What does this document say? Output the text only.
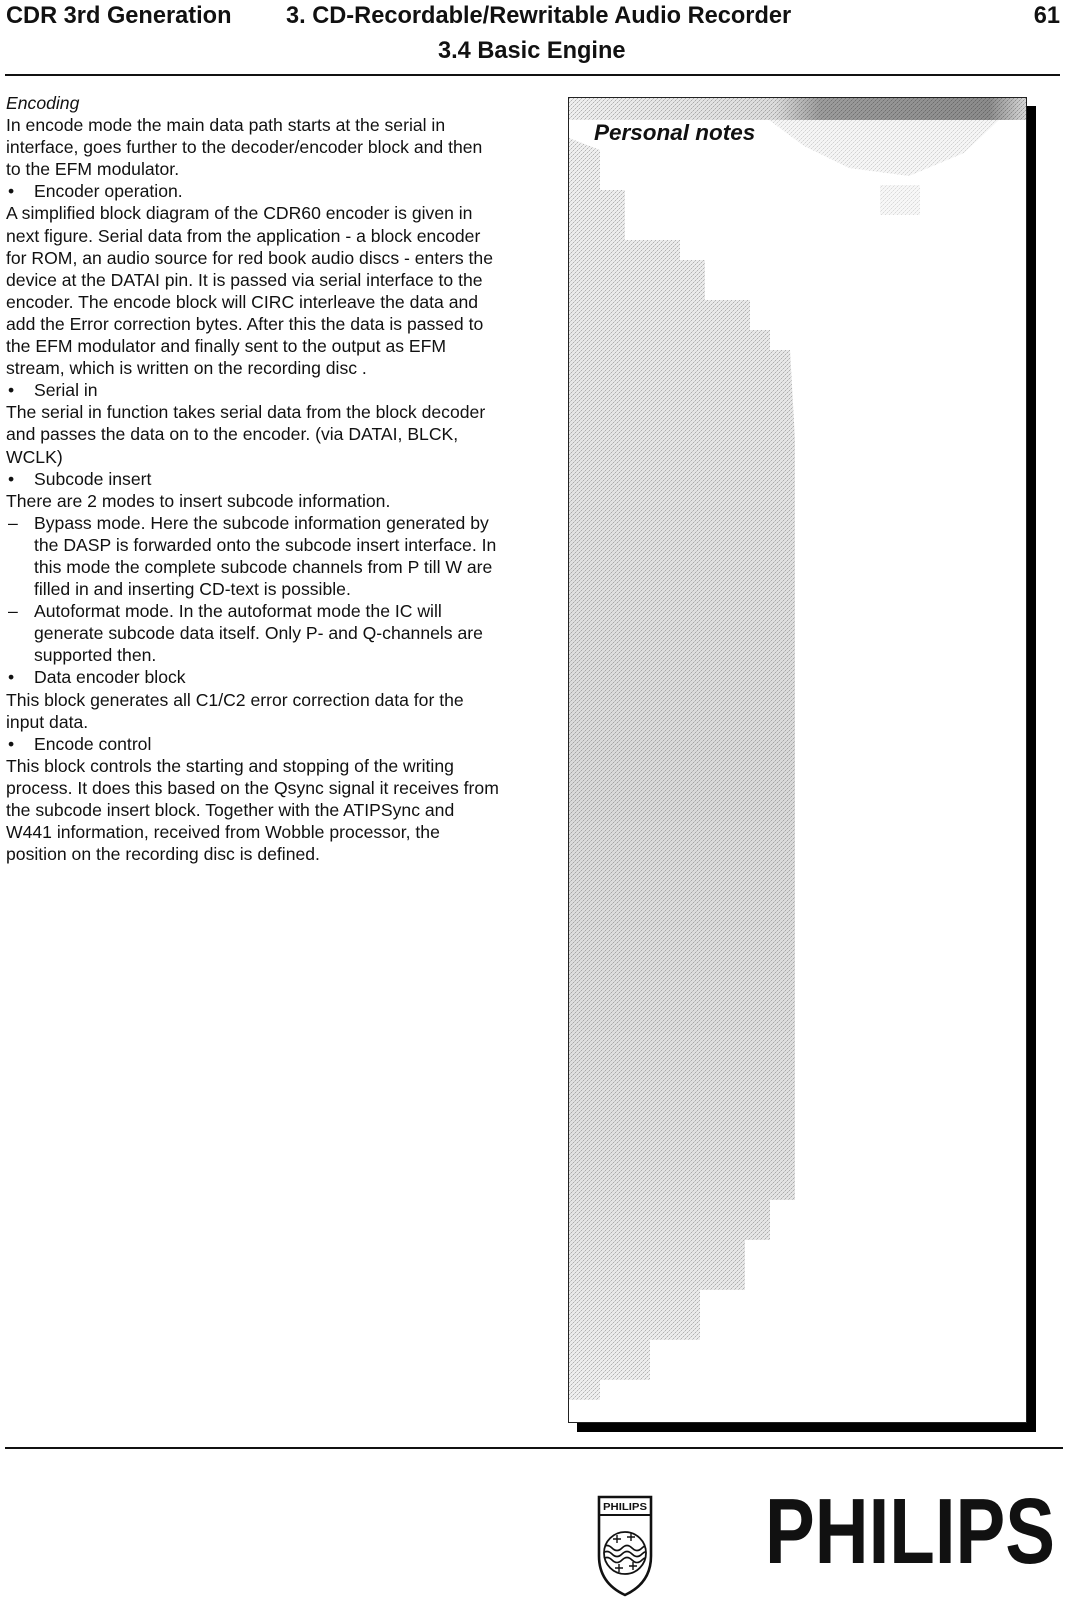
CDR 3rd Generation 3. CD-Recordable/Rewritable Audio Recorder	61
3.4 Basic Engine
Encoding
In encode mode the main data path starts at the serial in
interface, goes further to the decoder/encoder block and then
to the EFM modulator.
• Encoder operation.
A simplified block diagram of the CDR60 encoder is given in
next figure. Serial data from the application - a block encoder
for ROM, an audio source for red book audio discs - enters the
device at the DATAI pin. It is passed via serial interface to the
encoder. The encode block will CIRC interleave the data and
add the Error correction bytes. After this the data is passed to
the EFM modulator and finally sent to the output as EFM
stream, which is written on the recording disc .
• Serial in
The serial in function takes serial data from the block decoder
and passes the data on to the encoder. (via DATAI, BLCK,
WCLK)
• Subcode insert
There are 2 modes to insert subcode information.
– Bypass mode. Here the subcode information generated by
the DASP is forwarded onto the subcode insert interface. In
this mode the complete subcode channels from P till W are
filled in and inserting CD-text is possible.
– Autoformat mode. In the autoformat mode the IC will
generate subcode data itself. Only P- and Q-channels are
supported then.
• Data encoder block
This block generates all C1/C2 error correction data for the
input data.
• Encode control
This block controls the starting and stopping of the writing
process. It does this based on the Qsync signal it receives from
the subcode insert block. Together with the ATIPSync and
W441 information, received from Wobble processor, the
position on the recording disc is defined.
Personal notes
PHILIPS PHILIPS
